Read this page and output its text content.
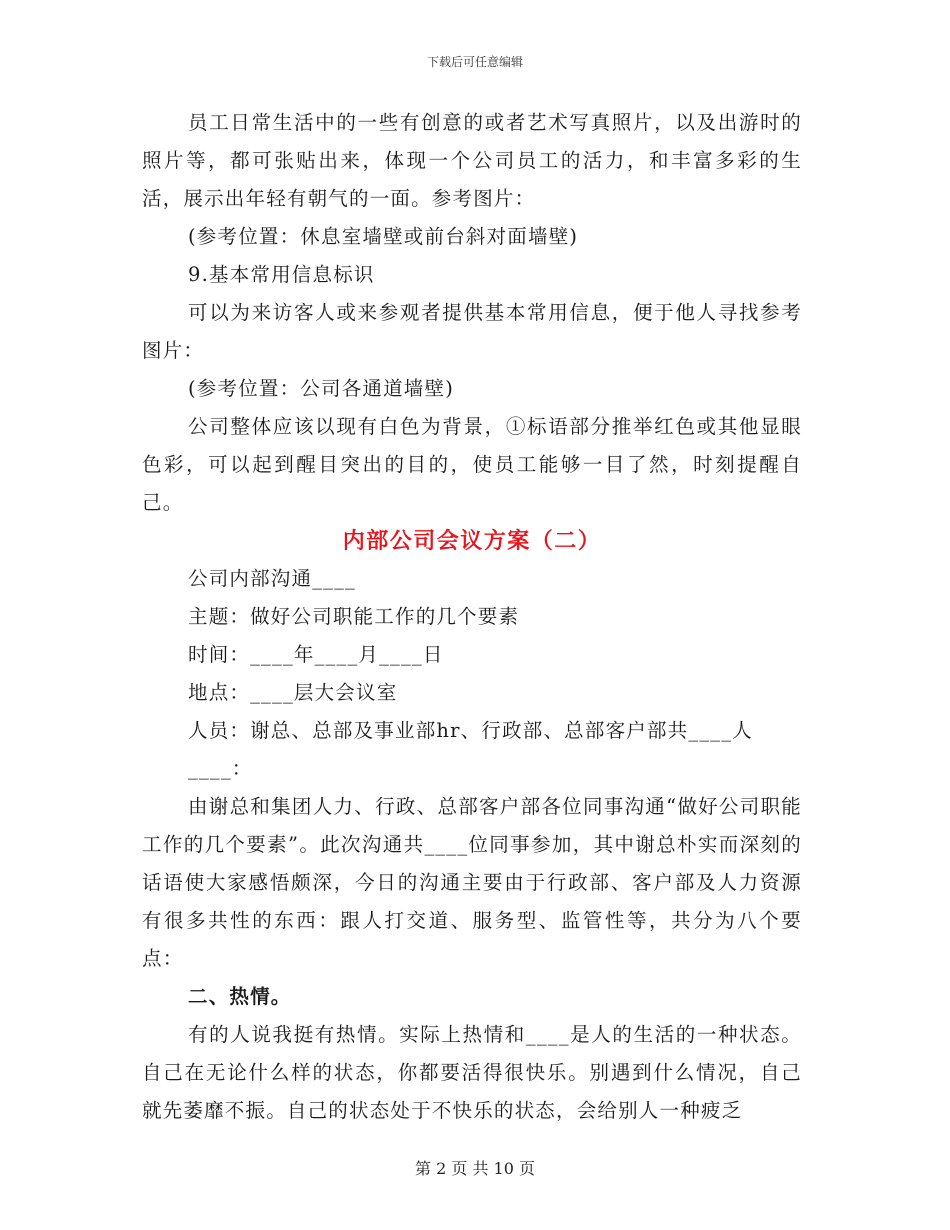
下载后可任意编辑

员工日常生活中的一些有创意的或者艺术写真照片，以及出游时的照片等，都可张贴出来，体现一个公司员工的活力，和丰富多彩的生活，展示出年轻有朝气的一面。参考图片：

(参考位置：休息室墙壁或前台斜对面墙壁)

9.基本常用信息标识

可以为来访客人或来参观者提供基本常用信息，便于他人寻找参考图片：

(参考位置：公司各通道墙壁)

公司整体应该以现有白色为背景，①标语部分推举红色或其他显眼色彩，可以起到醒目突出的目的，使员工能够一目了然，时刻提醒自己。

内部公司会议方案（二）

公司内部沟通____

主题：做好公司职能工作的几个要素

时间：____年____月____日

地点：____层大会议室

人员：谢总、总部及事业部hr、行政部、总部客户部共____人

____：

由谢总和集团人力、行政、总部客户部各位同事沟通“做好公司职能工作的几个要素”。此次沟通共____位同事参加，其中谢总朴实而深刻的话语使大家感悟颇深，今日的沟通主要由于行政部、客户部及人力资源有很多共性的东西：跟人打交道、服务型、监管性等，共分为八个要点：

二、热情。

有的人说我挺有热情。实际上热情和____是人的生活的一种状态。自己在无论什么样的状态，你都要活得很快乐。别遇到什么情况，自己就先萎靡不振。自己的状态处于不快乐的状态，会给别人一种疲乏

第 2 页 共 10 页
